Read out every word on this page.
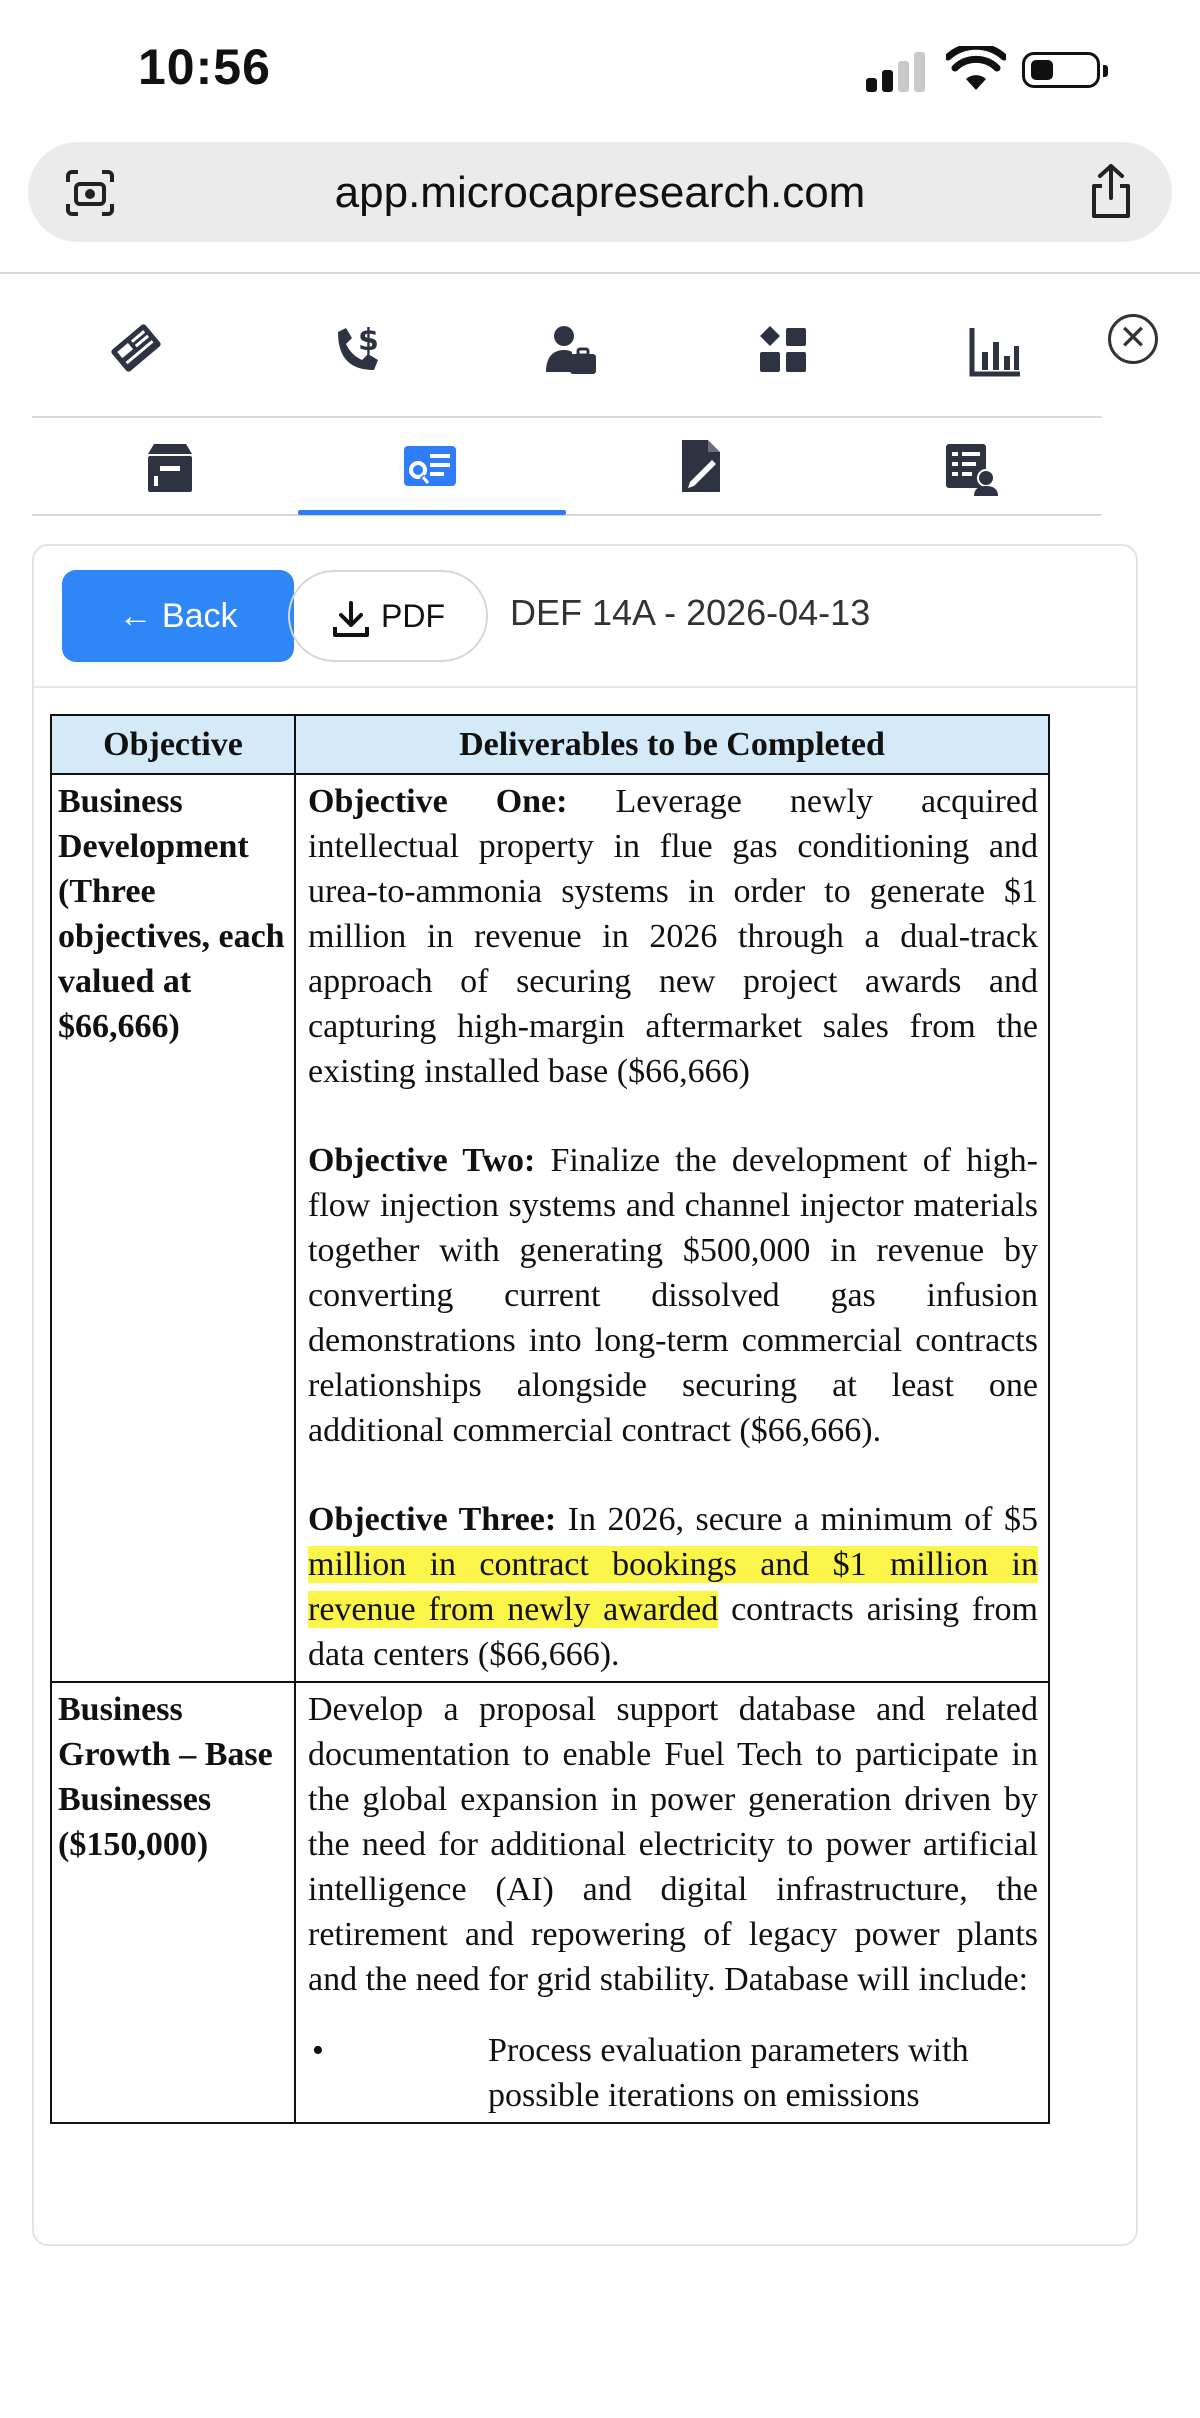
10:56
app.microcapresearch.com
$	✕
← Back	PDF	DEF 14A - 2026-04-13
Objective	Deliverables to be Completed
Business Development (Three objectives, each valued at $66,666)	Objective One: Leverage newly acquired intellectual property in flue gas conditioning and urea-to-ammonia systems in order to generate $1 million in revenue in 2026 through a dual-track approach of securing new project awards and capturing high-margin aftermarket sales from the existing installed base ($66,666)

Objective Two: Finalize the development of high-flow injection systems and channel injector materials together with generating $500,000 in revenue by converting current dissolved gas infusion demonstrations into long-term commercial contracts relationships alongside securing at least one additional commercial contract ($66,666).

Objective Three: In 2026, secure a minimum of $5 million in contract bookings and $1 million in revenue from newly awarded contracts arising from data centers ($66,666).

Business Growth – Base Businesses ($150,000)	Develop a proposal support database and related documentation to enable Fuel Tech to participate in the global expansion in power generation driven by the need for additional electricity to power artificial intelligence (AI) and digital infrastructure, the retirement and repowering of legacy power plants and the need for grid stability. Database will include:
• Process evaluation parameters with possible iterations on emissions
